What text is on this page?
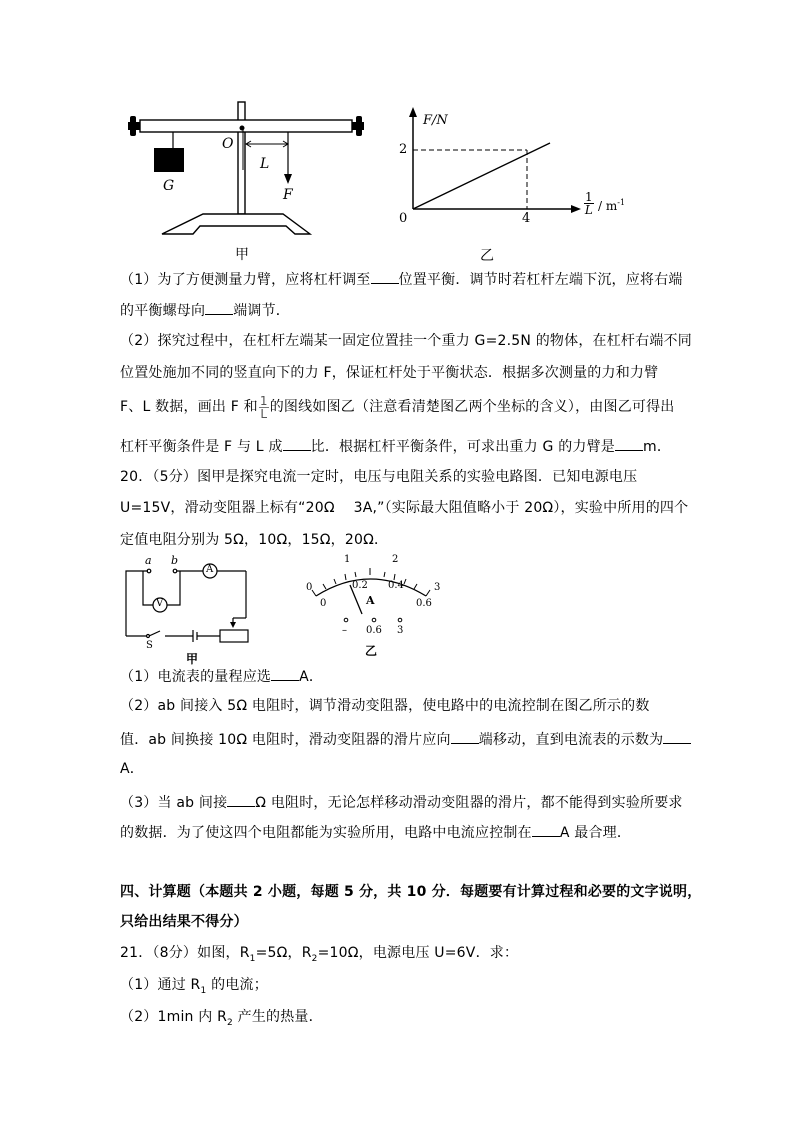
O
L
G
F
甲
F/N
2
0	4
$\frac{1}{L} / m^{-1}$
乙
（1）为了方便测量力臂，应将杠杆调至 位置平衡．调节时若杠杆左端下沉，应将右端
的平衡螺母向 端调节．
（2）探究过程中，在杠杆左端某一固定位置挂一个重力 G=2.5N 的物体，在杠杆右端不同
位置处施加不同的竖直向下的力 F，保证杠杆处于平衡状态．根据多次测量的力和力臂
F、L 数据，画出 F 和 $\frac{1}{L}$ 的图线如图乙（注意看清楚图乙两个坐标的含义），由图乙可得出
杠杆平衡条件是 F 与 L 成 比．根据杠杆平衡条件，可求出重力 G 的力臂是 m．
20．（5分）图甲是探究电流一定时，电压与电阻关系的实验电路图．已知电源电压
U=15V，滑动变阻器上标有“20Ω　 3A,”（实际最大阻值略小于 20Ω），实验中所用的四个
定值电阻分别为 5Ω，10Ω，15Ω，20Ω．
a b
A
V
S
甲
0
1	2
3
0
0.2 0.4
0.6
A
– 0.6 3
乙
（1）电流表的量程应选 A．
（2）ab 间接入 5Ω 电阻时，调节滑动变阻器，使电路中的电流控制在图乙所示的数
值．ab 间换接 10Ω 电阻时，滑动变阻器的滑片应向 端移动，直到电流表的示数为
A．
（3）当 ab 间接 Ω 电阻时，无论怎样移动滑动变阻器的滑片，都不能得到实验所要求
的数据．为了使这四个电阻都能为实验所用，电路中电流应控制在 A 最合理．
四、计算题（本题共 2 小题，每题 5 分，共 10 分．每题要有计算过程和必要的文字说明，
只给出结果不得分）
21．（8分）如图，$R_1=5\Omega$，$R_2=10\Omega$，电源电压 U=6V．求：
（1）通过 $R_1$ 的电流；
（2）1min 内 $R_2$ 产生的热量．
